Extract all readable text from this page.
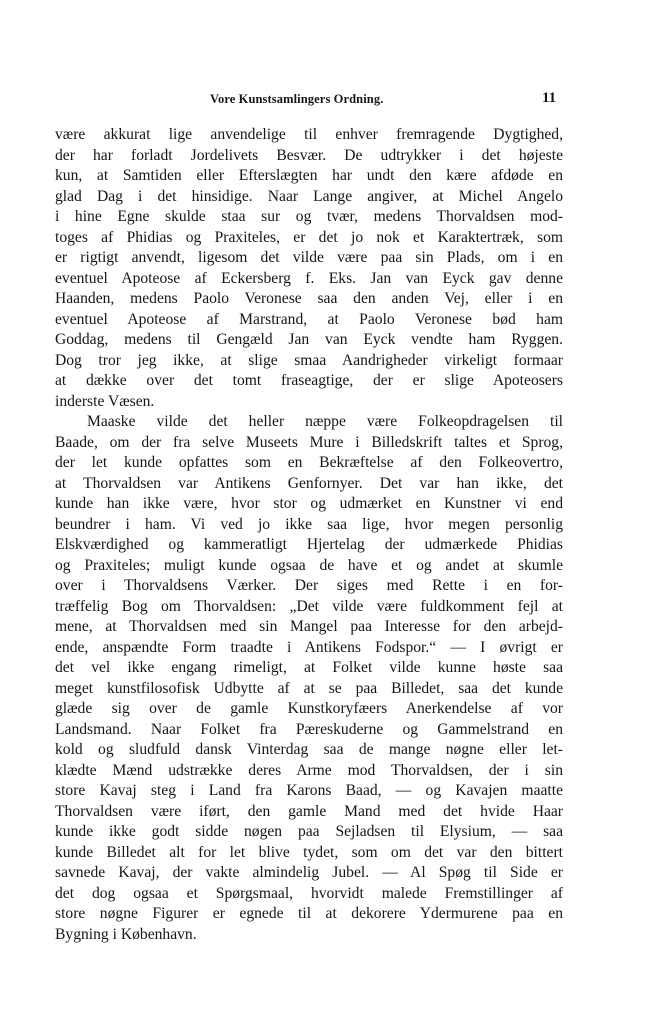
Vore Kunstsamlingers Ordning.	11
være akkurat lige anvendelige til enhver fremragende Dygtighed,
der har forladt Jordelivets Besvær. De udtrykker i det højeste
kun, at Samtiden eller Efterslægten har undt den kære afdøde en
glad Dag i det hinsidige. Naar Lange angiver, at Michel Angelo
i hine Egne skulde staa sur og tvær, medens Thorvaldsen mod-
toges af Phidias og Praxiteles, er det jo nok et Karaktertræk, som
er rigtigt anvendt, ligesom det vilde være paa sin Plads, om i en
eventuel Apoteose af Eckersberg f. Eks. Jan van Eyck gav denne
Haanden, medens Paolo Veronese saa den anden Vej, eller i en
eventuel Apoteose af Marstrand, at Paolo Veronese bød ham
Goddag, medens til Gengæld Jan van Eyck vendte ham Ryggen.
Dog tror jeg ikke, at slige smaa Aandrigheder virkeligt formaar
at dække over det tomt fraseagtige, der er slige Apoteosers
inderste Væsen.
Maaske vilde det heller næppe være Folkeopdragelsen til
Baade, om der fra selve Museets Mure i Billedskrift taltes et Sprog,
der let kunde opfattes som en Bekræftelse af den Folkeovertro,
at Thorvaldsen var Antikens Genfornyer. Det var han ikke, det
kunde han ikke være, hvor stor og udmærket en Kunstner vi end
beundrer i ham. Vi ved jo ikke saa lige, hvor megen personlig
Elskværdighed og kammeratligt Hjertelag der udmærkede Phidias
og Praxiteles; muligt kunde ogsaa de have et og andet at skumle
over i Thorvaldsens Værker. Der siges med Rette i en for-
træffelig Bog om Thorvaldsen: „Det vilde være fuldkomment fejl at
mene, at Thorvaldsen med sin Mangel paa Interesse for den arbejd-
ende, anspændte Form traadte i Antikens Fodspor.“ — I øvrigt er
det vel ikke engang rimeligt, at Folket vilde kunne høste saa
meget kunstfilosofisk Udbytte af at se paa Billedet, saa det kunde
glæde sig over de gamle Kunstkoryfæers Anerkendelse af vor
Landsmand. Naar Folket fra Pæreskuderne og Gammelstrand en
kold og sludfuld dansk Vinterdag saa de mange nøgne eller let-
klædte Mænd udstrække deres Arme mod Thorvaldsen, der i sin
store Kavaj steg i Land fra Karons Baad, — og Kavajen maatte
Thorvaldsen være iført, den gamle Mand med det hvide Haar
kunde ikke godt sidde nøgen paa Sejladsen til Elysium, — saa
kunde Billedet alt for let blive tydet, som om det var den bittert
savnede Kavaj, der vakte almindelig Jubel. — Al Spøg til Side er
det dog ogsaa et Spørgsmaal, hvorvidt malede Fremstillinger af
store nøgne Figurer er egnede til at dekorere Ydermurene paa en
Bygning i København.
